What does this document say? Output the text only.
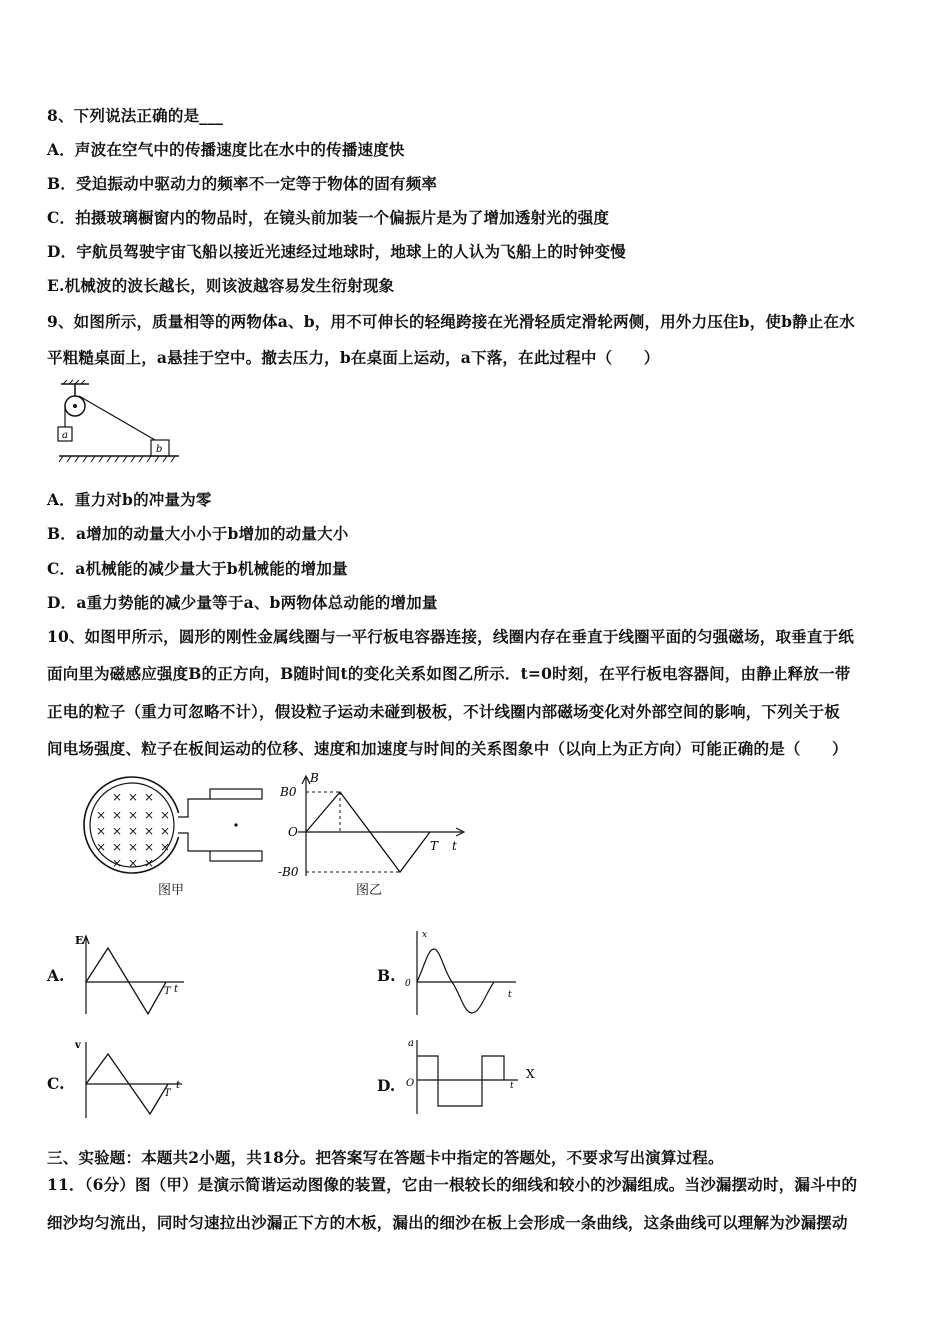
8、下列说法正确的是___
A．声波在空气中的传播速度比在水中的传播速度快
B．受迫振动中驱动力的频率不一定等于物体的固有频率
C．拍摄玻璃橱窗内的物品时，在镜头前加装一个偏振片是为了增加透射光的强度
D．宇航员驾驶宇宙飞船以接近光速经过地球时，地球上的人认为飞船上的时钟变慢
E.机械波的波长越长，则该波越容易发生衍射现象
9、如图所示，质量相等的两物体a、b，用不可伸长的轻绳跨接在光滑轻质定滑轮两侧，用外力压住b，使b静止在水
平粗糙桌面上，a悬挂于空中。撤去压力，b在桌面上运动，a下落，在此过程中（　　）
a
b
A．重力对b的冲量为零
B．a增加的动量大小小于b增加的动量大小
C．a机械能的减少量大于b机械能的增加量
D．a重力势能的减少量等于a、b两物体总动能的增加量
10、如图甲所示，圆形的刚性金属线圈与一平行板电容器连接，线圈内存在垂直于线圈平面的匀强磁场，取垂直于纸
面向里为磁感应强度B的正方向，B随时间t的变化关系如图乙所示．t=0时刻，在平行板电容器间，由静止释放一带
正电的粒子（重力可忽略不计），假设粒子运动未碰到极板，不计线圈内部磁场变化对外部空间的影响，下列关于板
间电场强度、粒子在板间运动的位移、速度和加速度与时间的关系图象中（以向上为正方向）可能正确的是（　　）
× × ×
× × × × ×
× × × × ×
× × × × ×
× × ×
图甲
B
B0
O
-B0
T t
图乙
A.
E
T t
B.
x
0
t
C.
v
T
t	D.
a
O	t
X
三、实验题：本题共2小题，共18分。把答案写在答题卡中指定的答题处，不要求写出演算过程。
11．（6分）图（甲）是演示简谐运动图像的装置，它由一根较长的细线和较小的沙漏组成。当沙漏摆动时，漏斗中的
细沙均匀流出，同时匀速拉出沙漏正下方的木板，漏出的细沙在板上会形成一条曲线，这条曲线可以理解为沙漏摆动
